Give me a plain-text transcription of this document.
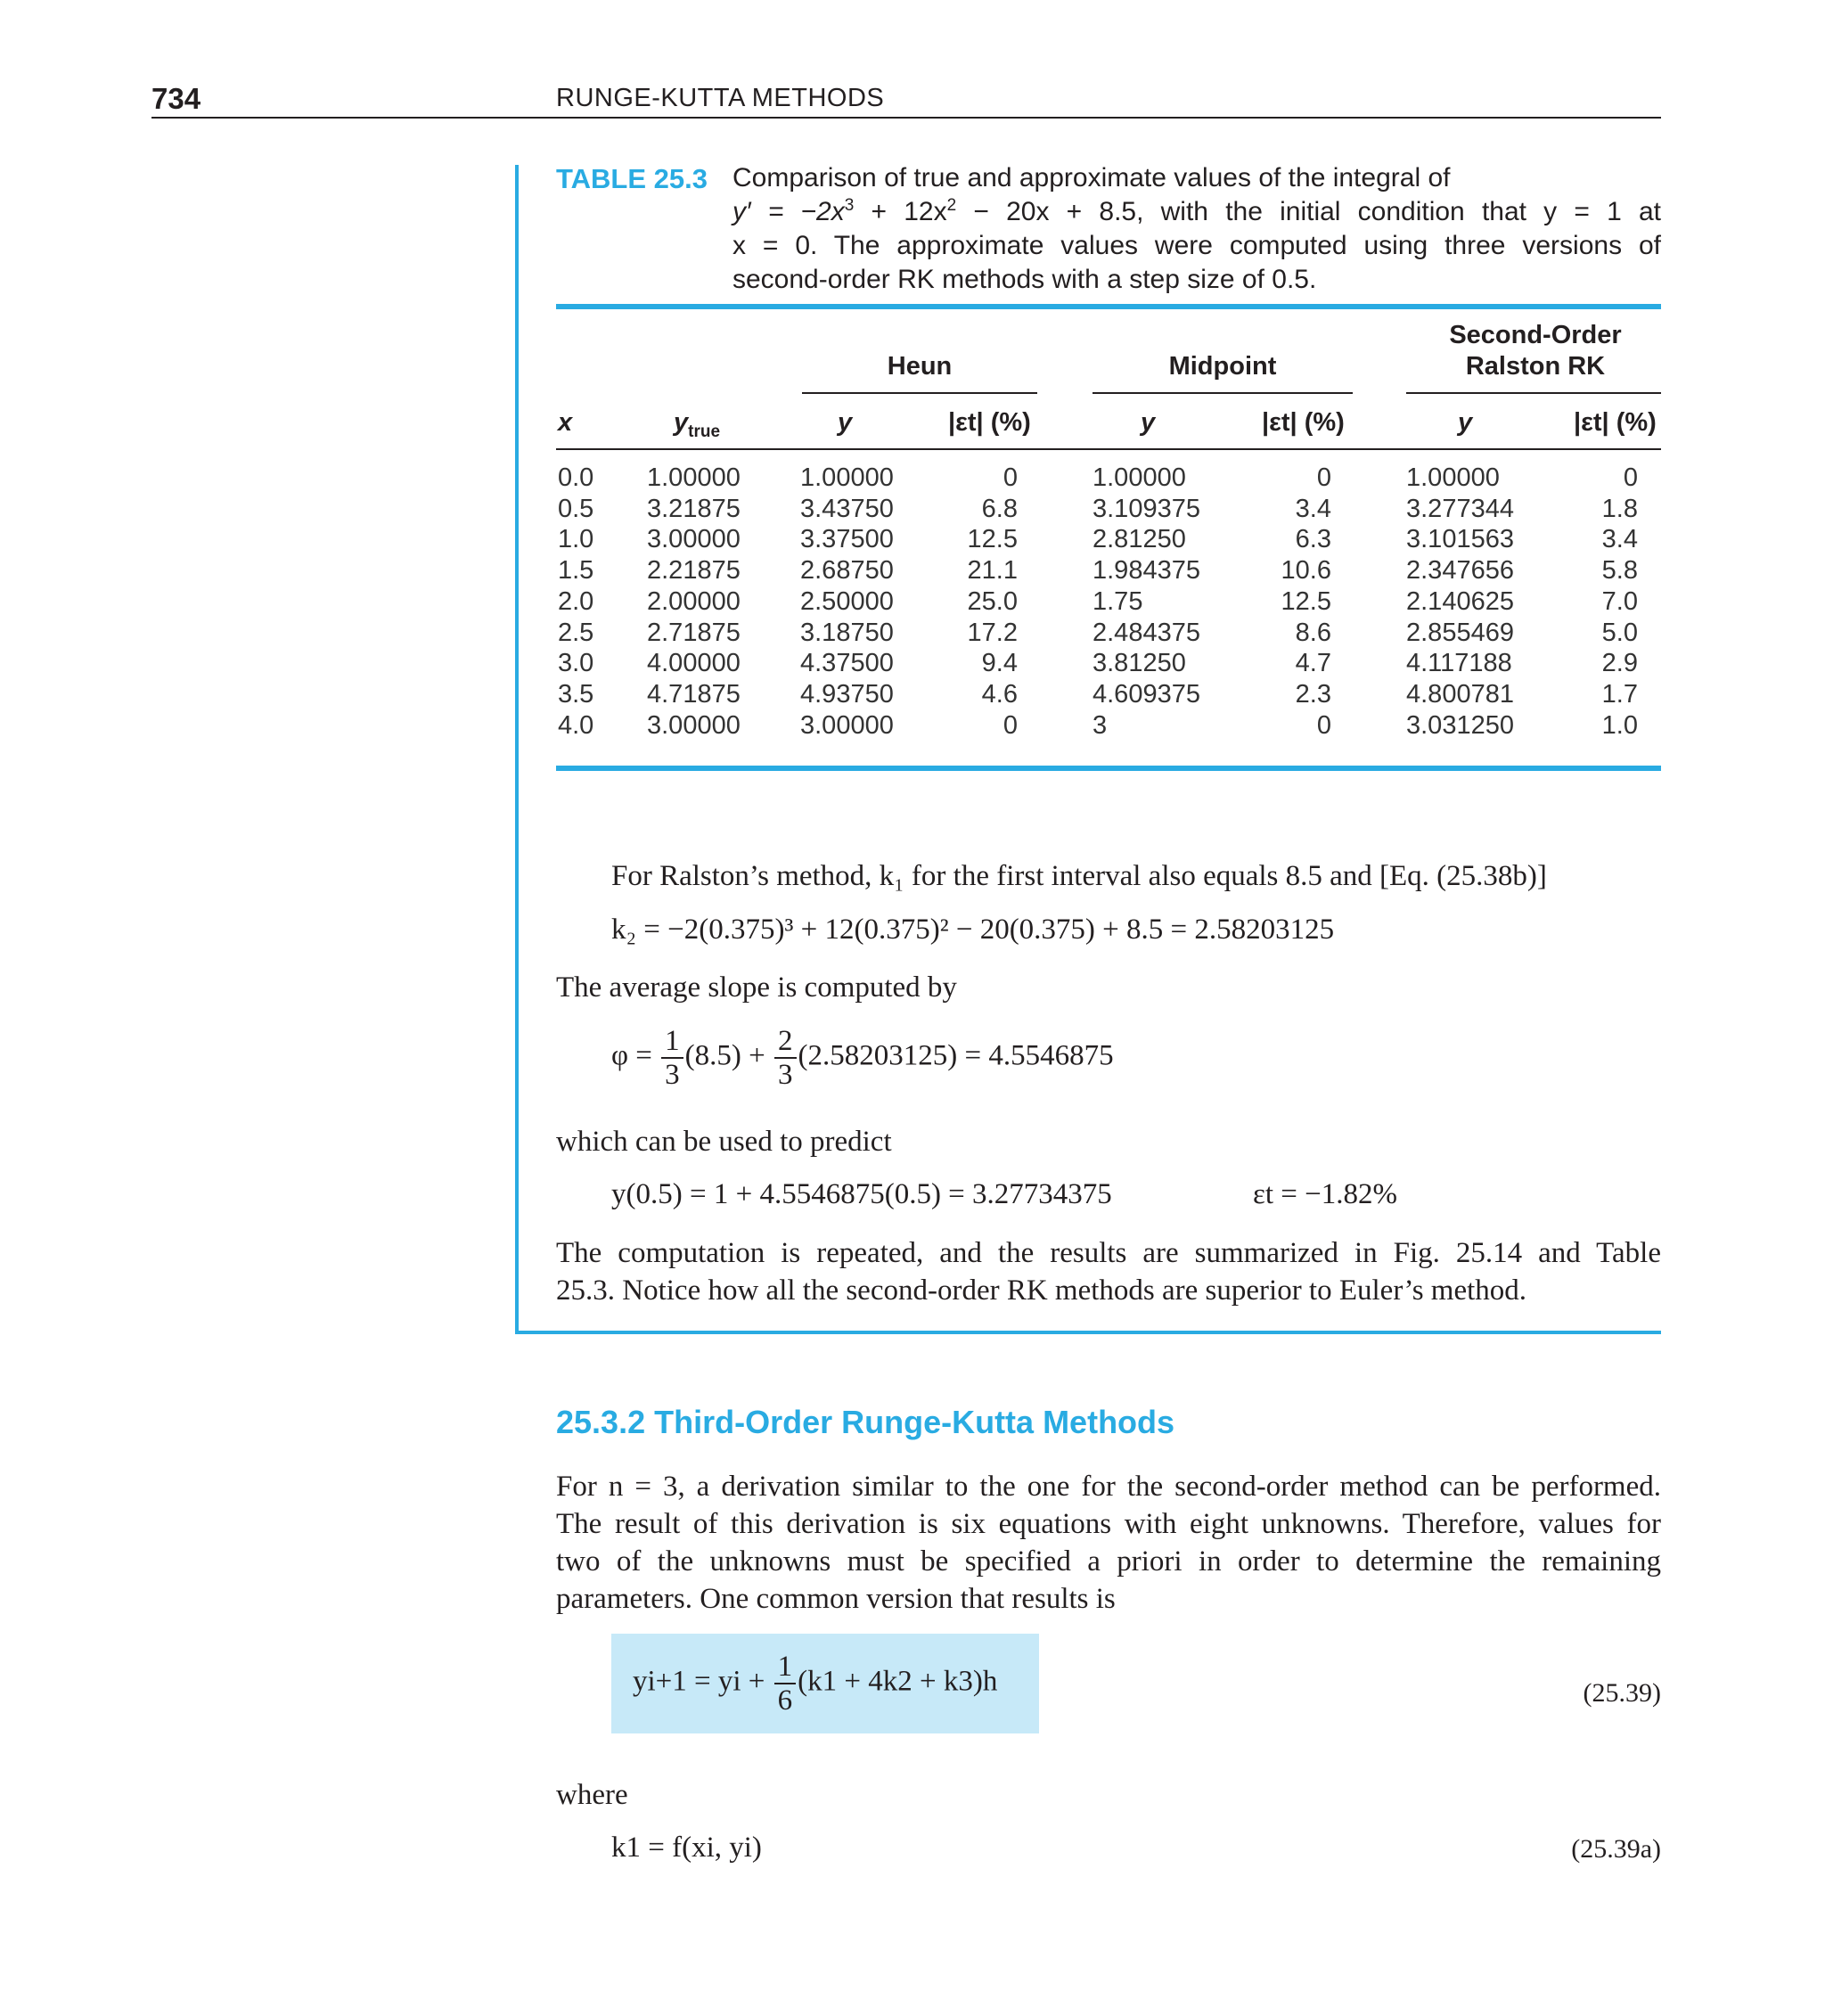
734	RUNGE-KUTTA METHODS
TABLE 25.3 Comparison of true and approximate values of the integral of
$y' = -2x^3 + 12x^2 - 20x + 8.5$, with the initial condition that y = 1 at
x = 0. The approximate values were computed using three versions of
second-order RK methods with a step size of 0.5.
Second-Order
Heun	Midpoint	Ralston RK
x	$y_{true}$	y	|εt| (%)	y	|εt| (%)	y	|εt| (%)
0.0	1.00000	1.00000	0	1.00000	0	1.00000	0
0.5	3.21875	3.43750	6.8	3.109375	3.4	3.277344	1.8
1.0	3.00000	3.37500	12.5	2.81250	6.3	3.101563	3.4
1.5	2.21875	2.68750	21.1	1.984375	10.6	2.347656	5.8
2.0	2.00000	2.50000	25.0	1.75	12.5	2.140625	7.0
2.5	2.71875	3.18750	17.2	2.484375	8.6	2.855469	5.0
3.0	4.00000	4.37500	9.4	3.81250	4.7	4.117188	2.9
3.5	4.71875	4.93750	4.6	4.609375	2.3	4.800781	1.7
4.0	3.00000	3.00000	0	3	0	3.031250	1.0
For Ralston’s method, k₁ for the first interval also equals 8.5 and [Eq. (25.38b)]
k₂ = −2(0.375)³ + 12(0.375)² − 20(0.375) + 8.5 = 2.58203125
The average slope is computed by
$\varphi = \frac{1}{3} (8.5) + \frac{2}{3} (2.58203125) = 4.5546875$
which can be used to predict
y(0.5) = 1 + 4.5546875(0.5) = 3.27734375	εt = −1.82%
The computation is repeated, and the results are summarized in Fig. 25.14 and Table
25.3. Notice how all the second-order RK methods are superior to Euler’s method.
25.3.2 Third-Order Runge-Kutta Methods
For n = 3, a derivation similar to the one for the second-order method can be performed.
The result of this derivation is six equations with eight unknowns. Therefore, values for
two of the unknowns must be specified a priori in order to determine the remaining
parameters. One common version that results is
yi+1 = yi + $\frac{1}{6} (k1 + 4k2 + k3)h$	(25.39)
where
k1 = f(xi, yi)	(25.39a)
